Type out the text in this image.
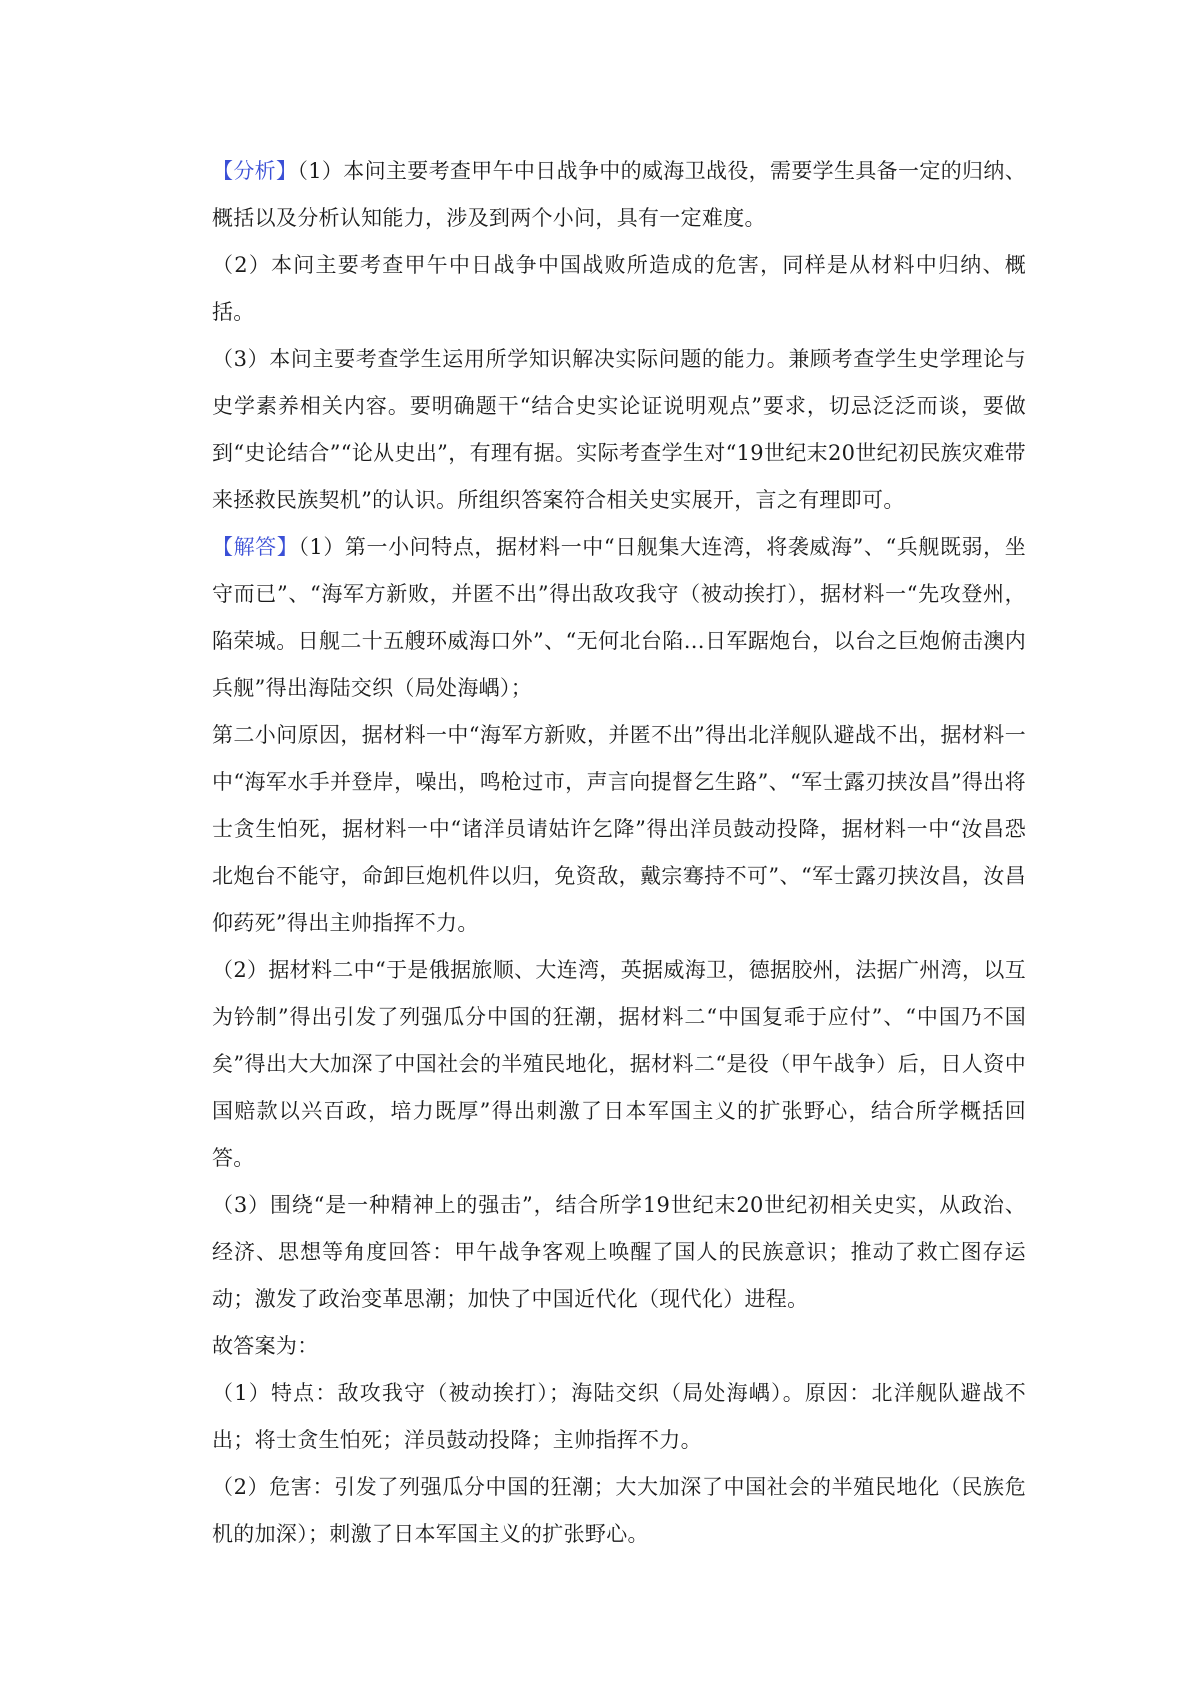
【分析】（1）本问主要考查甲午中日战争中的威海卫战役，需要学生具备一定的归纳、概括以及分析认知能力，涉及到两个小问，具有一定难度。

（2）本问主要考查甲午中日战争中国战败所造成的危害，同样是从材料中归纳、概括。

（3）本问主要考查学生运用所学知识解决实际问题的能力。兼顾考查学生史学理论与史学素养相关内容。要明确题干“结合史实论证说明观点”要求，切忌泛泛而谈，要做到“史论结合”“论从史出”，有理有据。实际考查学生对“19世纪末20世纪初民族灾难带来拯救民族契机”的认识。所组织答案符合相关史实展开，言之有理即可。

【解答】（1）第一小问特点，据材料一中“日舰集大连湾，将袭威海”、“兵舰既弱，坐守而已”、“海军方新败，并匿不出”得出敌攻我守（被动挨打），据材料一“先攻登州，陷荣城。日舰二十五艘环威海口外”、“无何北台陷…日军踞炮台，以台之巨炮俯击澳内兵舰”得出海陆交织（局处海嵎）；

第二小问原因，据材料一中“海军方新败，并匿不出”得出北洋舰队避战不出，据材料一中“海军水手并登岸，噪出，鸣枪过市，声言向提督乞生路”、“军士露刃挟汝昌”得出将士贪生怕死，据材料一中“诸洋员请姑许乞降”得出洋员鼓动投降，据材料一中“汝昌恐北炮台不能守，命卸巨炮机件以归，免资敌，戴宗骞持不可”、“军士露刃挟汝昌，汝昌仰药死”得出主帅指挥不力。

（2）据材料二中“于是俄据旅顺、大连湾，英据威海卫，德据胶州，法据广州湾，以互为钤制”得出引发了列强瓜分中国的狂潮，据材料二“中国复乖于应付”、“中国乃不国矣”得出大大加深了中国社会的半殖民地化，据材料二“是役（甲午战争）后，日人资中国赔款以兴百政，培力既厚”得出刺激了日本军国主义的扩张野心，结合所学概括回答。

（3）围绕“是一种精神上的强击”，结合所学19世纪末20世纪初相关史实，从政治、经济、思想等角度回答：甲午战争客观上唤醒了国人的民族意识；推动了救亡图存运动；激发了政治变革思潮；加快了中国近代化（现代化）进程。

故答案为：

（1）特点：敌攻我守（被动挨打）；海陆交织（局处海嵎）。原因：北洋舰队避战不出；将士贪生怕死；洋员鼓动投降；主帅指挥不力。

（2）危害：引发了列强瓜分中国的狂潮；大大加深了中国社会的半殖民地化（民族危机的加深）；刺激了日本军国主义的扩张野心。
